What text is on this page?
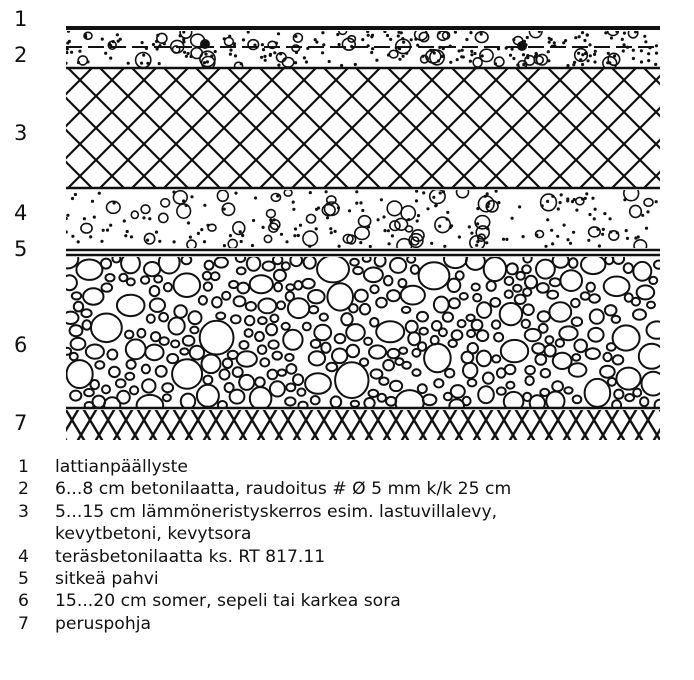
1
2
3
4
5
6
7
1	lattianpäällyste
2	6...8 cm betonilaatta, raudoitus # Ø 5 mm k/k 25 cm
3	5...15 cm lämmöneristyskerros esim. lastuvillalevy,
kevytbetoni, kevytsora
4	teräsbetonilaatta ks. RT 817.11
5	sitkeä pahvi
6	15...20 cm somer, sepeli tai karkea sora
7	peruspohja
